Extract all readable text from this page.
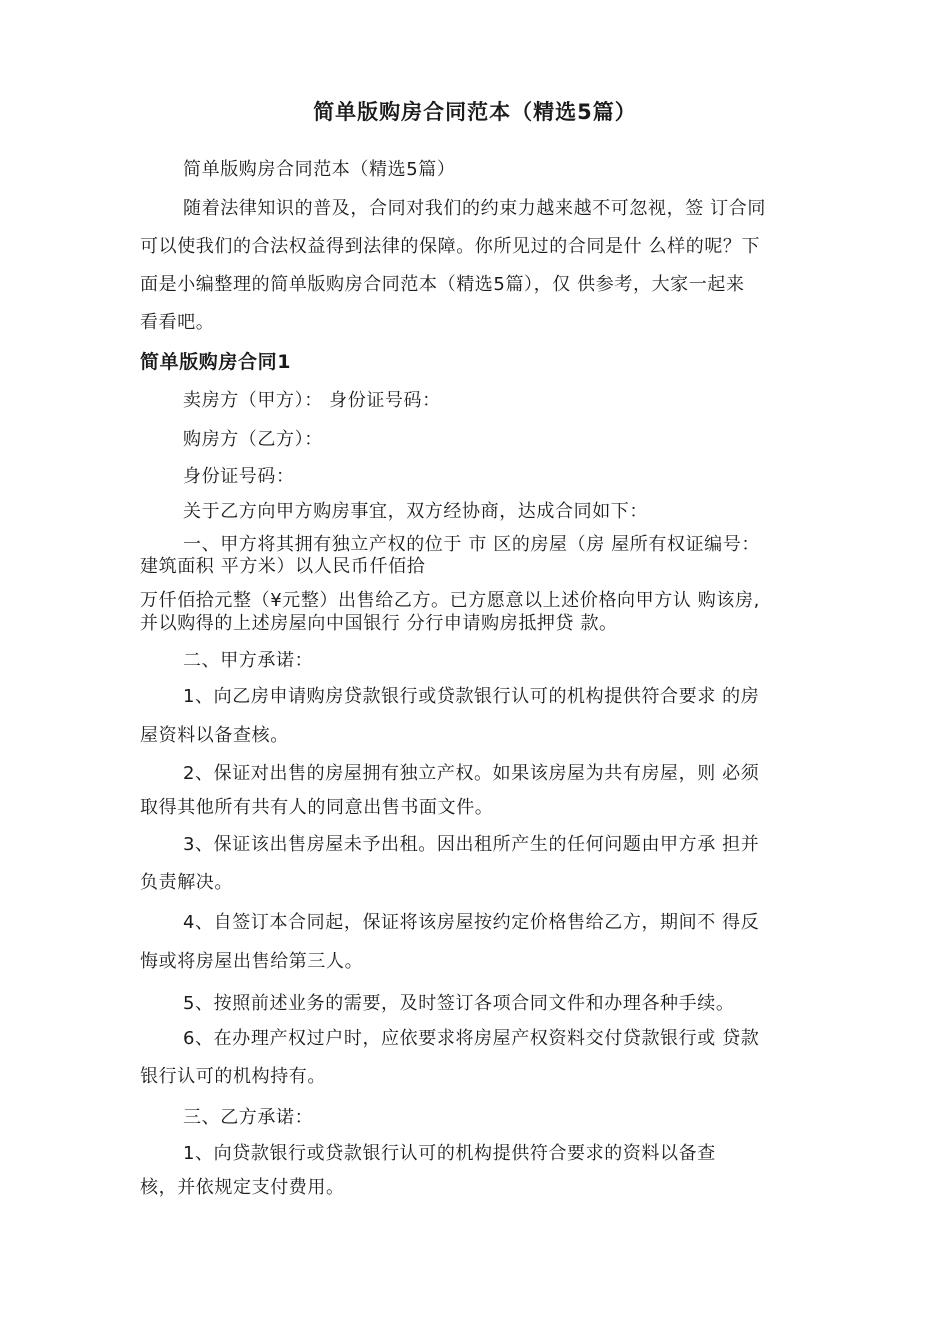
简单版购房合同范本（精选5篇）
简单版购房合同范本（精选5篇）
随着法律知识的普及，合同对我们的约束力越来越不可忽视，签 订合同
可以使我们的合法权益得到法律的保障。你所见过的合同是什 么样的呢？下
面是小编整理的简单版购房合同范本（精选5篇），仅 供参考，大家一起来
看看吧。
简单版购房合同1
卖房方（甲方）： 身份证号码：
购房方（乙方）：
身份证号码：
关于乙方向甲方购房事宜，双方经协商，达成合同如下：
一、甲方将其拥有独立产权的位于 市 区的房屋（房 屋所有权证编号：
建筑面积 平方米）以人民币仟佰拾
万仟佰拾元整（¥元整）出售给乙方。已方愿意以上述价格向甲方认 购该房,
并以购得的上述房屋向中国银行 分行申请购房抵押贷 款。
二、甲方承诺：
1、向乙房申请购房贷款银行或贷款银行认可的机构提供符合要求 的房
屋资料以备查核。
2、保证对出售的房屋拥有独立产权。如果该房屋为共有房屋，则 必须
取得其他所有共有人的同意出售书面文件。
3、保证该出售房屋未予出租。因出租所产生的任何问题由甲方承 担并
负责解决。
4、自签订本合同起，保证将该房屋按约定价格售给乙方，期间不 得反
悔或将房屋出售给第三人。
5、按照前述业务的需要，及时签订各项合同文件和办理各种手续。
6、在办理产权过户时，应依要求将房屋产权资料交付贷款银行或 贷款
银行认可的机构持有。
三、乙方承诺：
1、向贷款银行或贷款银行认可的机构提供符合要求的资料以备查
核，并依规定支付费用。
